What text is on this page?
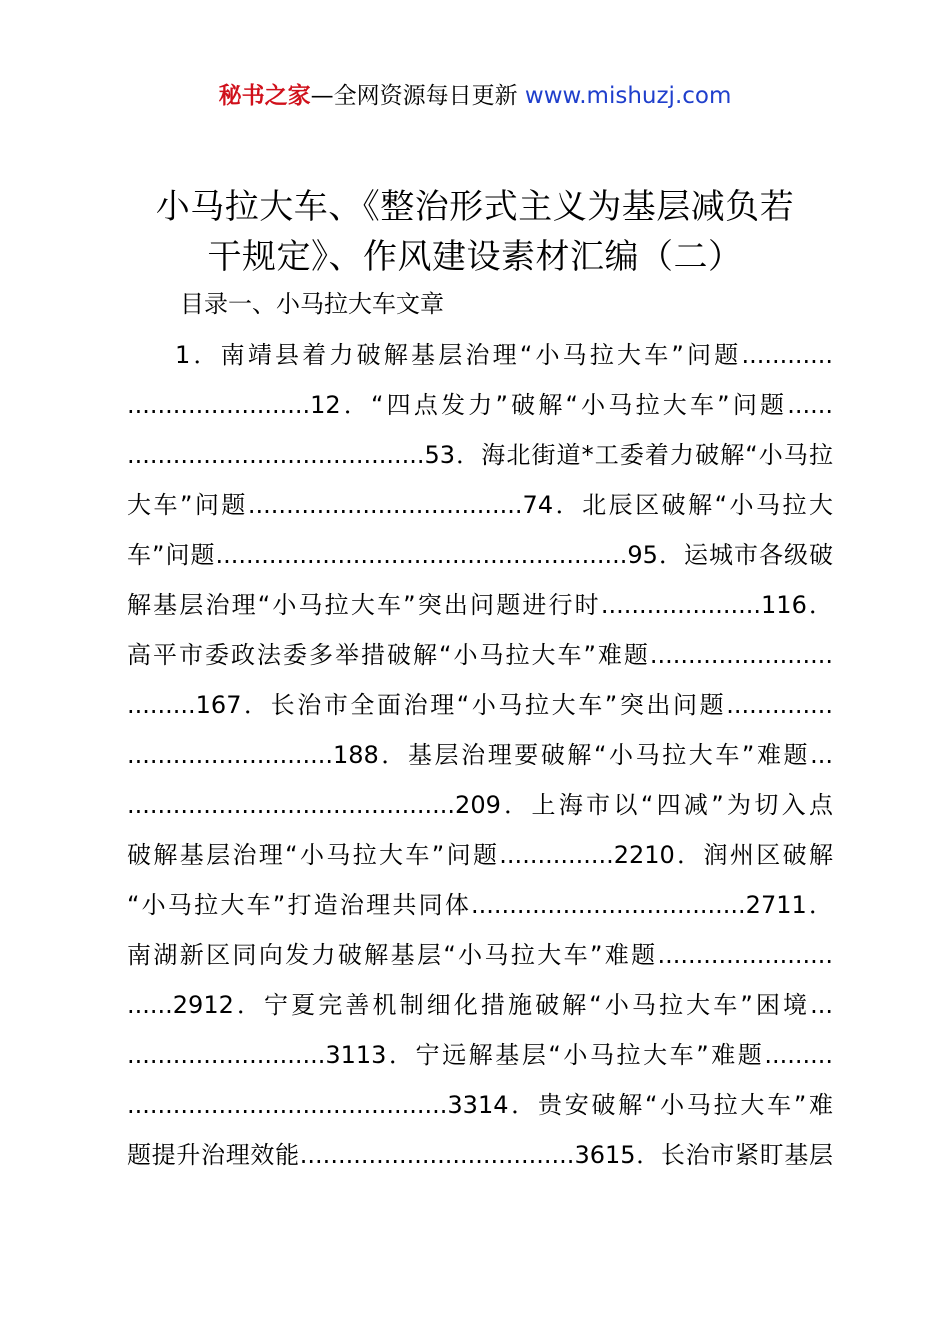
秘书之家—全网资源每日更新 www.mishuzj.com
小马拉大车、《整治形式主义为基层减负若
干规定》、作风建设素材汇编（二）
目录一、小马拉大车文章
1．南靖县着力破解基层治理“小马拉大车”问题............
........................12．“四点发力”破解“小马拉大车”问题......
.......................................53．海北街道*工委着力破解“小马拉
大车”问题....................................74．北辰区破解“小马拉大
车”问题......................................................95．运城市各级破
解基层治理“小马拉大车”突出问题进行时.....................116．
高平市委政法委多举措破解“小马拉大车”难题........................
.........167．长治市全面治理“小马拉大车”突出问题..............
...........................188．基层治理要破解“小马拉大车”难题...
...........................................209．上海市以“四减”为切入点
破解基层治理“小马拉大车”问题...............2210．润州区破解
“小马拉大车”打造治理共同体....................................2711．
南湖新区同向发力破解基层“小马拉大车”难题.......................
......2912．宁夏完善机制细化措施破解“小马拉大车”困境...
..........................3113．宁远解基层“小马拉大车”难题.........
..........................................3314．贵安破解“小马拉大车”难
题提升治理效能....................................3615．长治市紧盯基层
